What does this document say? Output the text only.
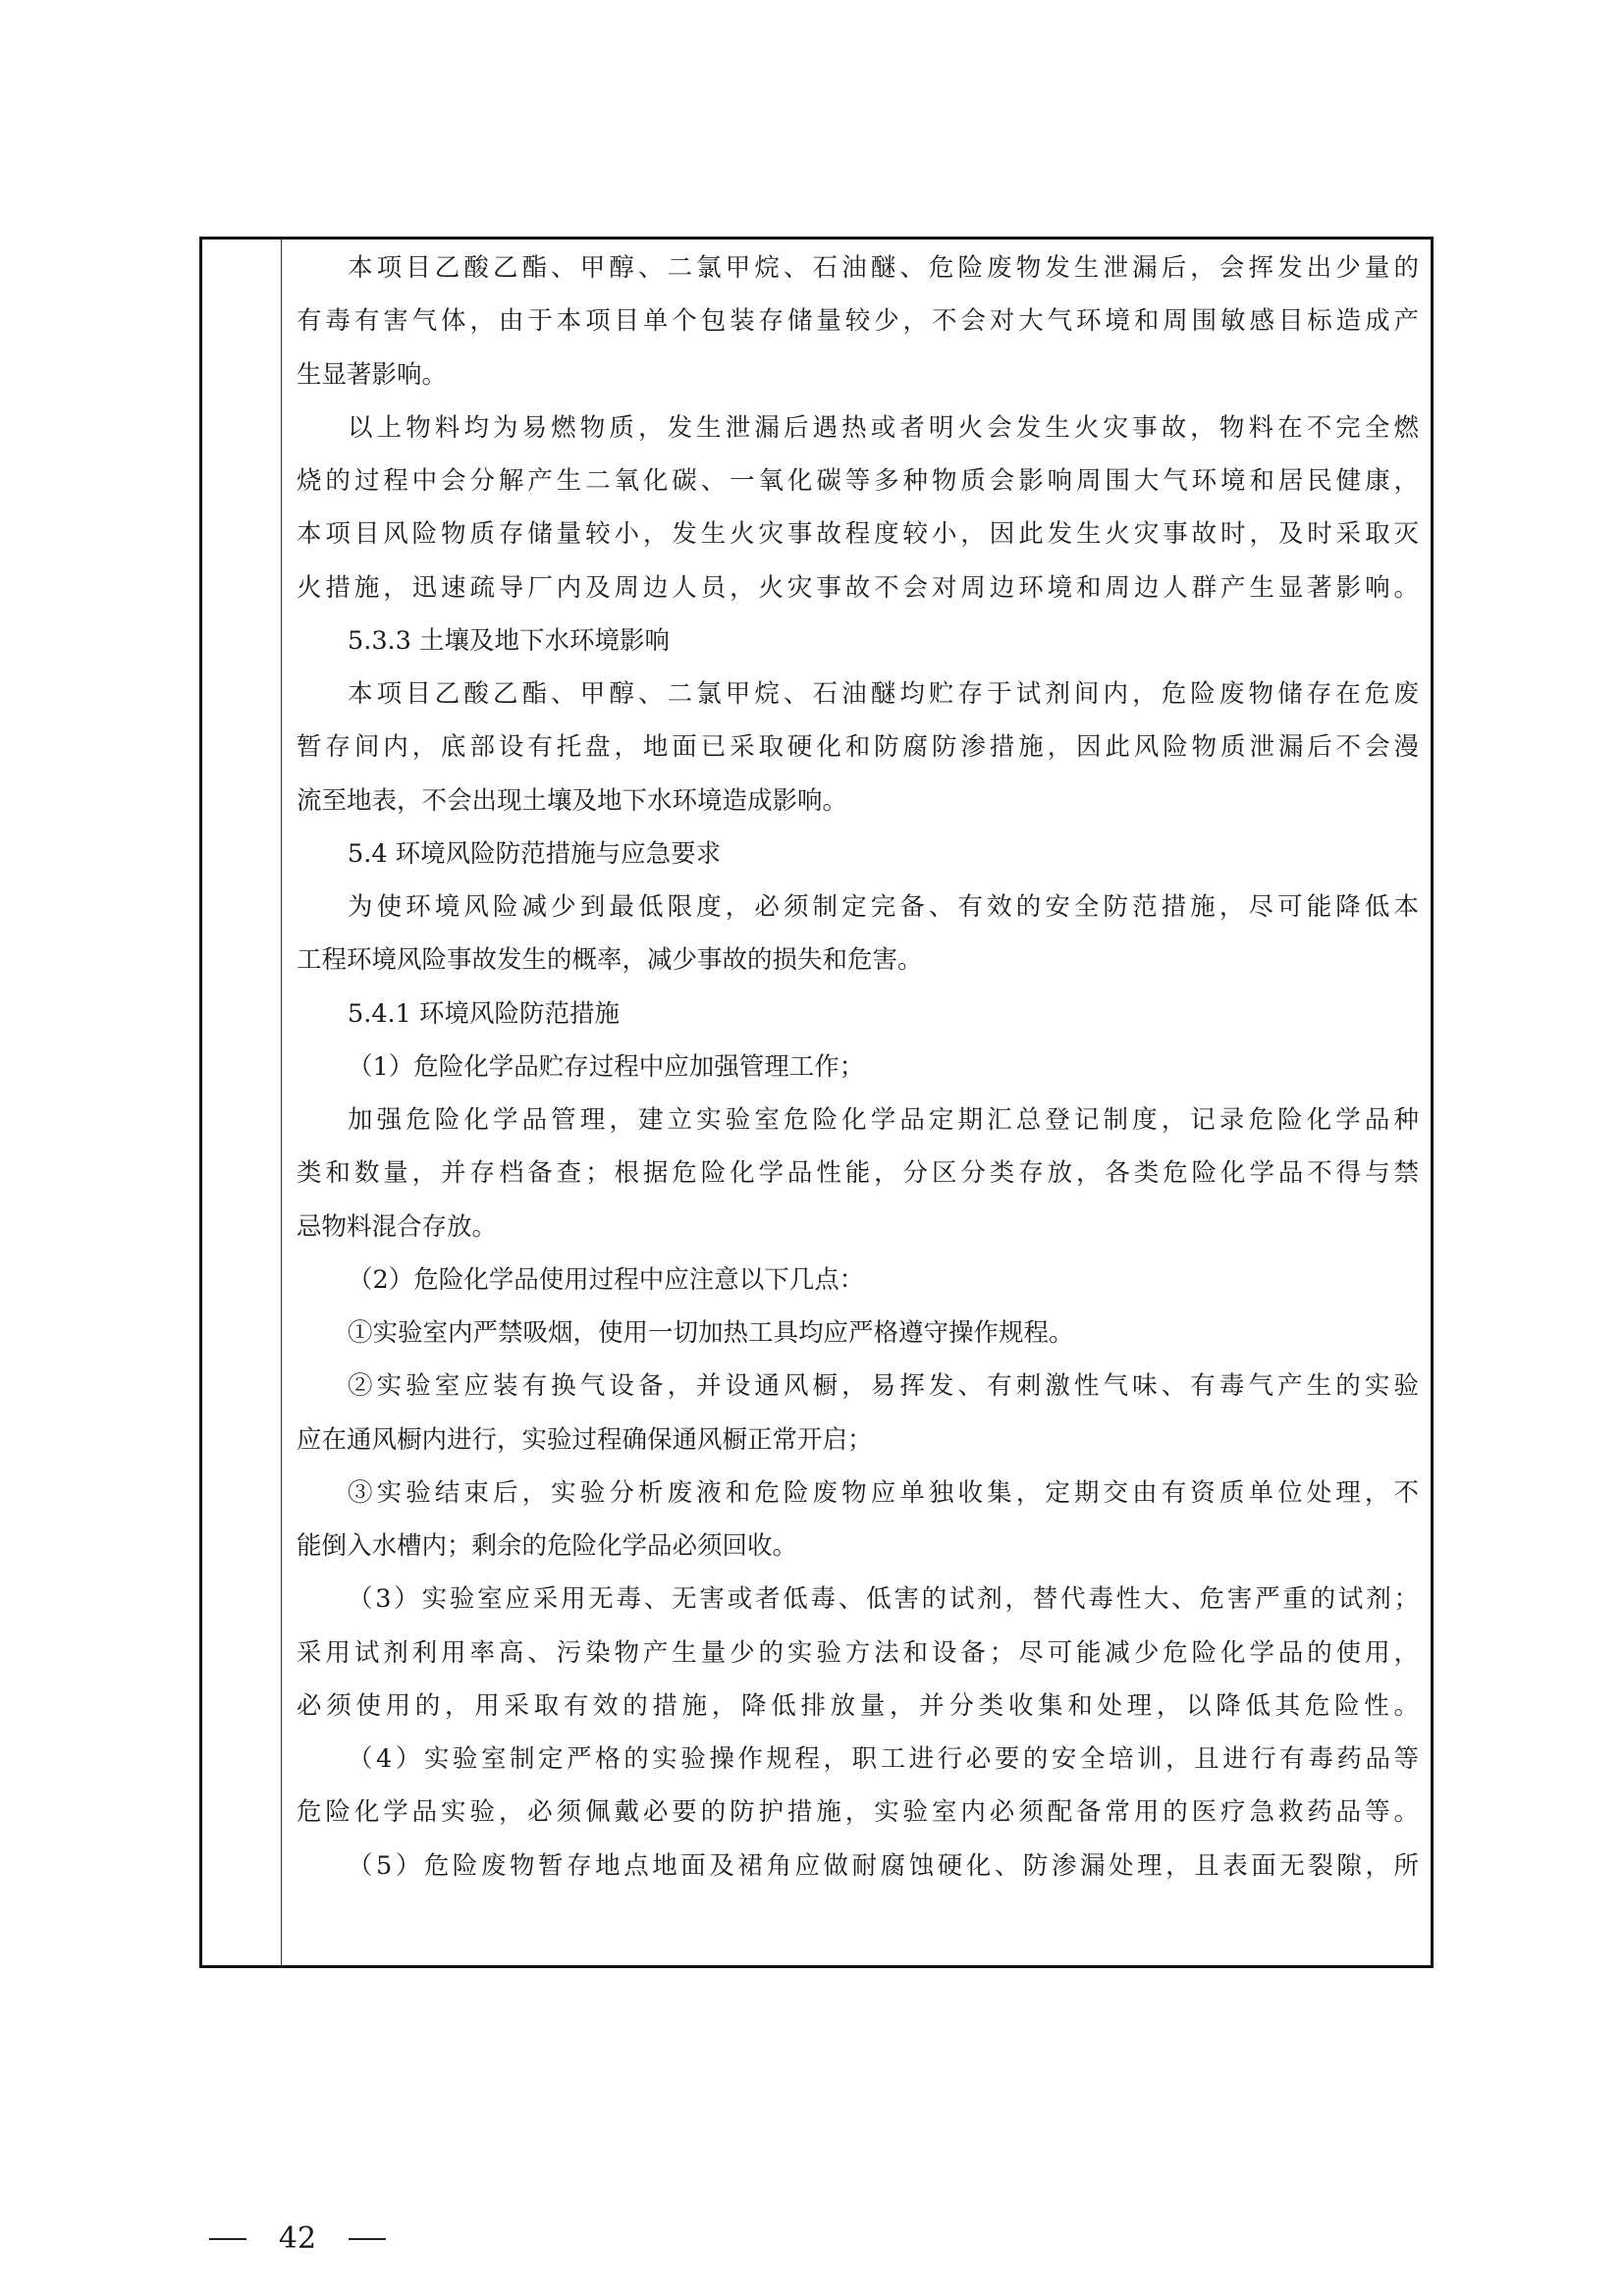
本项目乙酸乙酯、甲醇、二氯甲烷、石油醚、危险废物发生泄漏后，会挥发出少量的

有毒有害气体，由于本项目单个包装存储量较少，不会对大气环境和周围敏感目标造成产

生显著影响。

以上物料均为易燃物质，发生泄漏后遇热或者明火会发生火灾事故，物料在不完全燃

烧的过程中会分解产生二氧化碳、一氧化碳等多种物质会影响周围大气环境和居民健康，

本项目风险物质存储量较小，发生火灾事故程度较小，因此发生火灾事故时，及时采取灭

火措施，迅速疏导厂内及周边人员，火灾事故不会对周边环境和周边人群产生显著影响。

5.3.3 土壤及地下水环境影响

本项目乙酸乙酯、甲醇、二氯甲烷、石油醚均贮存于试剂间内，危险废物储存在危废

暂存间内，底部设有托盘，地面已采取硬化和防腐防渗措施，因此风险物质泄漏后不会漫

流至地表，不会出现土壤及地下水环境造成影响。

5.4 环境风险防范措施与应急要求

为使环境风险减少到最低限度，必须制定完备、有效的安全防范措施，尽可能降低本

工程环境风险事故发生的概率，减少事故的损失和危害。

5.4.1 环境风险防范措施

（1）危险化学品贮存过程中应加强管理工作；

加强危险化学品管理，建立实验室危险化学品定期汇总登记制度，记录危险化学品种

类和数量，并存档备查；根据危险化学品性能，分区分类存放，各类危险化学品不得与禁

忌物料混合存放。

（2）危险化学品使用过程中应注意以下几点：

①实验室内严禁吸烟，使用一切加热工具均应严格遵守操作规程。

②实验室应装有换气设备，并设通风橱，易挥发、有刺激性气味、有毒气产生的实验

应在通风橱内进行，实验过程确保通风橱正常开启；

③实验结束后，实验分析废液和危险废物应单独收集，定期交由有资质单位处理，不

能倒入水槽内；剩余的危险化学品必须回收。

（3）实验室应采用无毒、无害或者低毒、低害的试剂，替代毒性大、危害严重的试剂；

采用试剂利用率高、污染物产生量少的实验方法和设备；尽可能减少危险化学品的使用，

必须使用的，用采取有效的措施，降低排放量，并分类收集和处理，以降低其危险性。

（4）实验室制定严格的实验操作规程，职工进行必要的安全培训，且进行有毒药品等

危险化学品实验，必须佩戴必要的防护措施，实验室内必须配备常用的医疗急救药品等。

（5）危险废物暂存地点地面及裙角应做耐腐蚀硬化、防渗漏处理，且表面无裂隙，所

42
